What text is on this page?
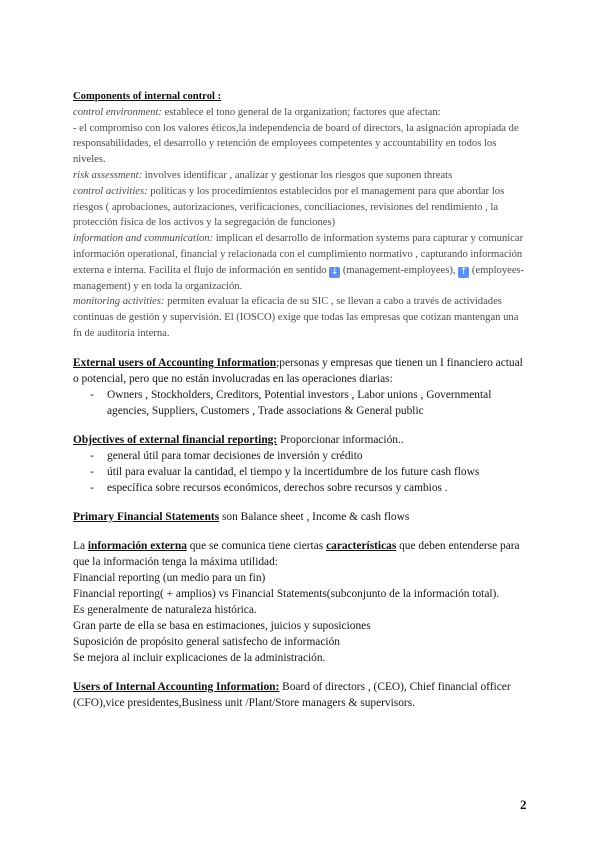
Components of internal control :
control environment: establece el tono general de la organization; factores que afectan:
- el compromiso con los valores éticos,la independencia de board of directors, la asignación apropiada de responsabilidades, el desarrollo y retención de employees competentes y accountability en todos los niveles.
risk assessment: involves identificar , analizar y gestionar los riesgos que suponen threats
control activities: políticas y los procedimientos establecidos por el management para que abordar los riesgos ( aprobaciones, autorizaciones, verificaciones, conciliaciones, revisiones del rendimiento , la protección física de los activos y la segregación de funciones)
information and communication: implican el desarrollo de information systems para capturar y comunicar información operational, financial y relacionada con el cumplimiento normativo , capturando información externa e interna. Facilita el flujo de información en sentido ↓ (management-employees), ↑ (employees-management) y en toda la organización.
monitoring activities: permiten evaluar la eficacia de su SIC , se llevan a cabo a través de actividades continuas de gestión y supervisión. El (IOSCO) exige que todas las empresas que cotizan mantengan una fn de auditoría interna.
External users of Accounting Information;personas y empresas que tienen un I financiero actual o potencial, pero que no están involucradas en las operaciones diarias:
- Owners , Stockholders, Creditors, Potential investors , Labor unions , Governmental agencies, Suppliers, Customers , Trade associations & General public
Objectives of external financial reporting: Proporcionar información..
- general útil para tomar decisiones de inversión y crédito
- útil para evaluar la cantidad, el tiempo y la incertidumbre de los future cash flows
- específica sobre recursos económicos, derechos sobre recursos y cambios .
Primary Financial Statements son Balance sheet , Income & cash flows
La información externa que se comunica tiene ciertas características que deben entenderse para que la información tenga la máxima utilidad:
Financial reporting (un medio para un fin)
Financial reporting( + amplios) vs Financial Statements(subconjunto de la información total).
Es generalmente de naturaleza histórica.
Gran parte de ella se basa en estimaciones, juicios y suposiciones
Suposición de propósito general satisfecho de información
Se mejora al incluir explicaciones de la administración.
Users of Internal Accounting Information: Board of directors , (CEO), Chief financial officer (CFO),vice presidentes,Business unit /Plant/Store managers & supervisors.
2
